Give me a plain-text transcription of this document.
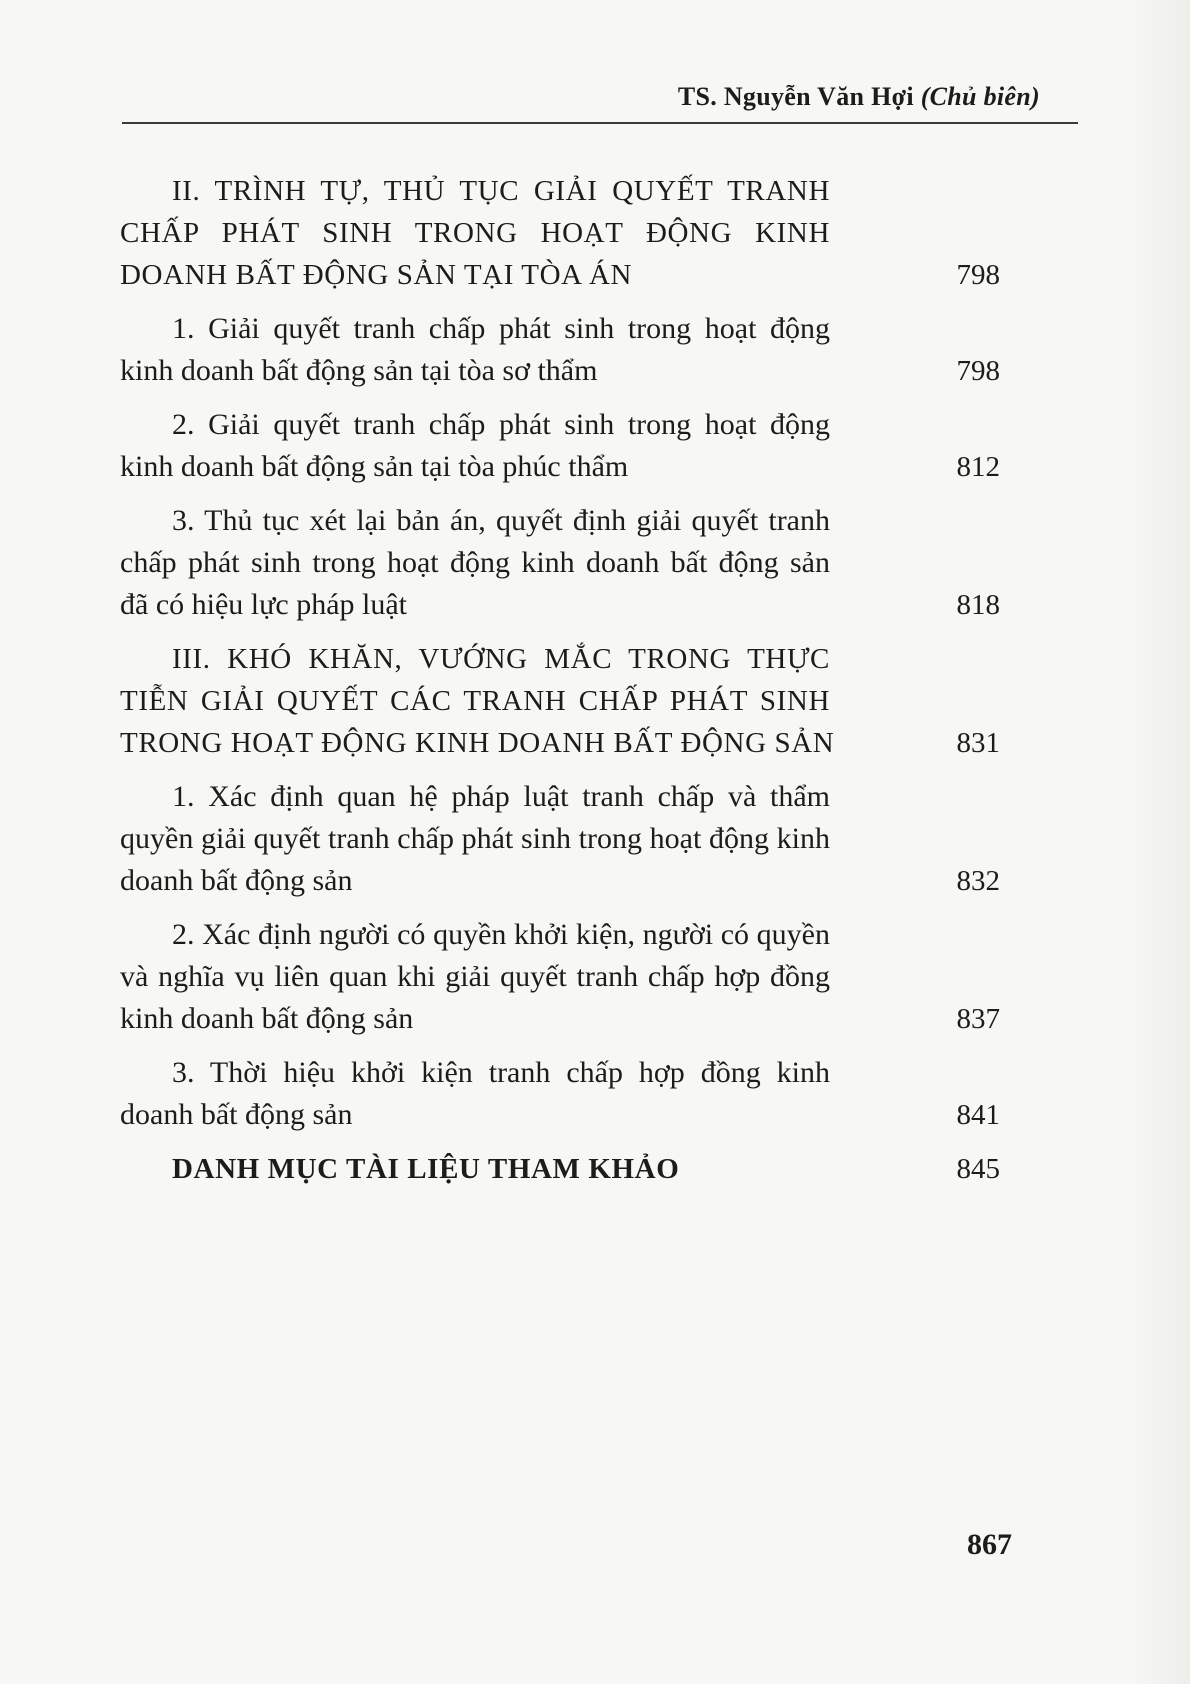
TS. Nguyễn Văn Hợi (Chủ biên)
II. TRÌNH TỰ, THỦ TỤC GIẢI QUYẾT TRANH
CHẤP PHÁT SINH TRONG HOẠT ĐỘNG KINH
DOANH BẤT ĐỘNG SẢN TẠI TÒA ÁN	798
1. Giải quyết tranh chấp phát sinh trong hoạt động
kinh doanh bất động sản tại tòa sơ thẩm	798
2. Giải quyết tranh chấp phát sinh trong hoạt động
kinh doanh bất động sản tại tòa phúc thẩm	812
3. Thủ tục xét lại bản án, quyết định giải quyết tranh
chấp phát sinh trong hoạt động kinh doanh bất động sản
đã có hiệu lực pháp luật	818
III. KHÓ KHĂN, VƯỚNG MẮC TRONG THỰC
TIỄN GIẢI QUYẾT CÁC TRANH CHẤP PHÁT SINH
TRONG HOẠT ĐỘNG KINH DOANH BẤT ĐỘNG SẢN	831
1. Xác định quan hệ pháp luật tranh chấp và thẩm
quyền giải quyết tranh chấp phát sinh trong hoạt động kinh
doanh bất động sản	832
2. Xác định người có quyền khởi kiện, người có quyền
và nghĩa vụ liên quan khi giải quyết tranh chấp hợp đồng
kinh doanh bất động sản	837
3. Thời hiệu khởi kiện tranh chấp hợp đồng kinh
doanh bất động sản	841
DANH MỤC TÀI LIỆU THAM KHẢO	845
867
